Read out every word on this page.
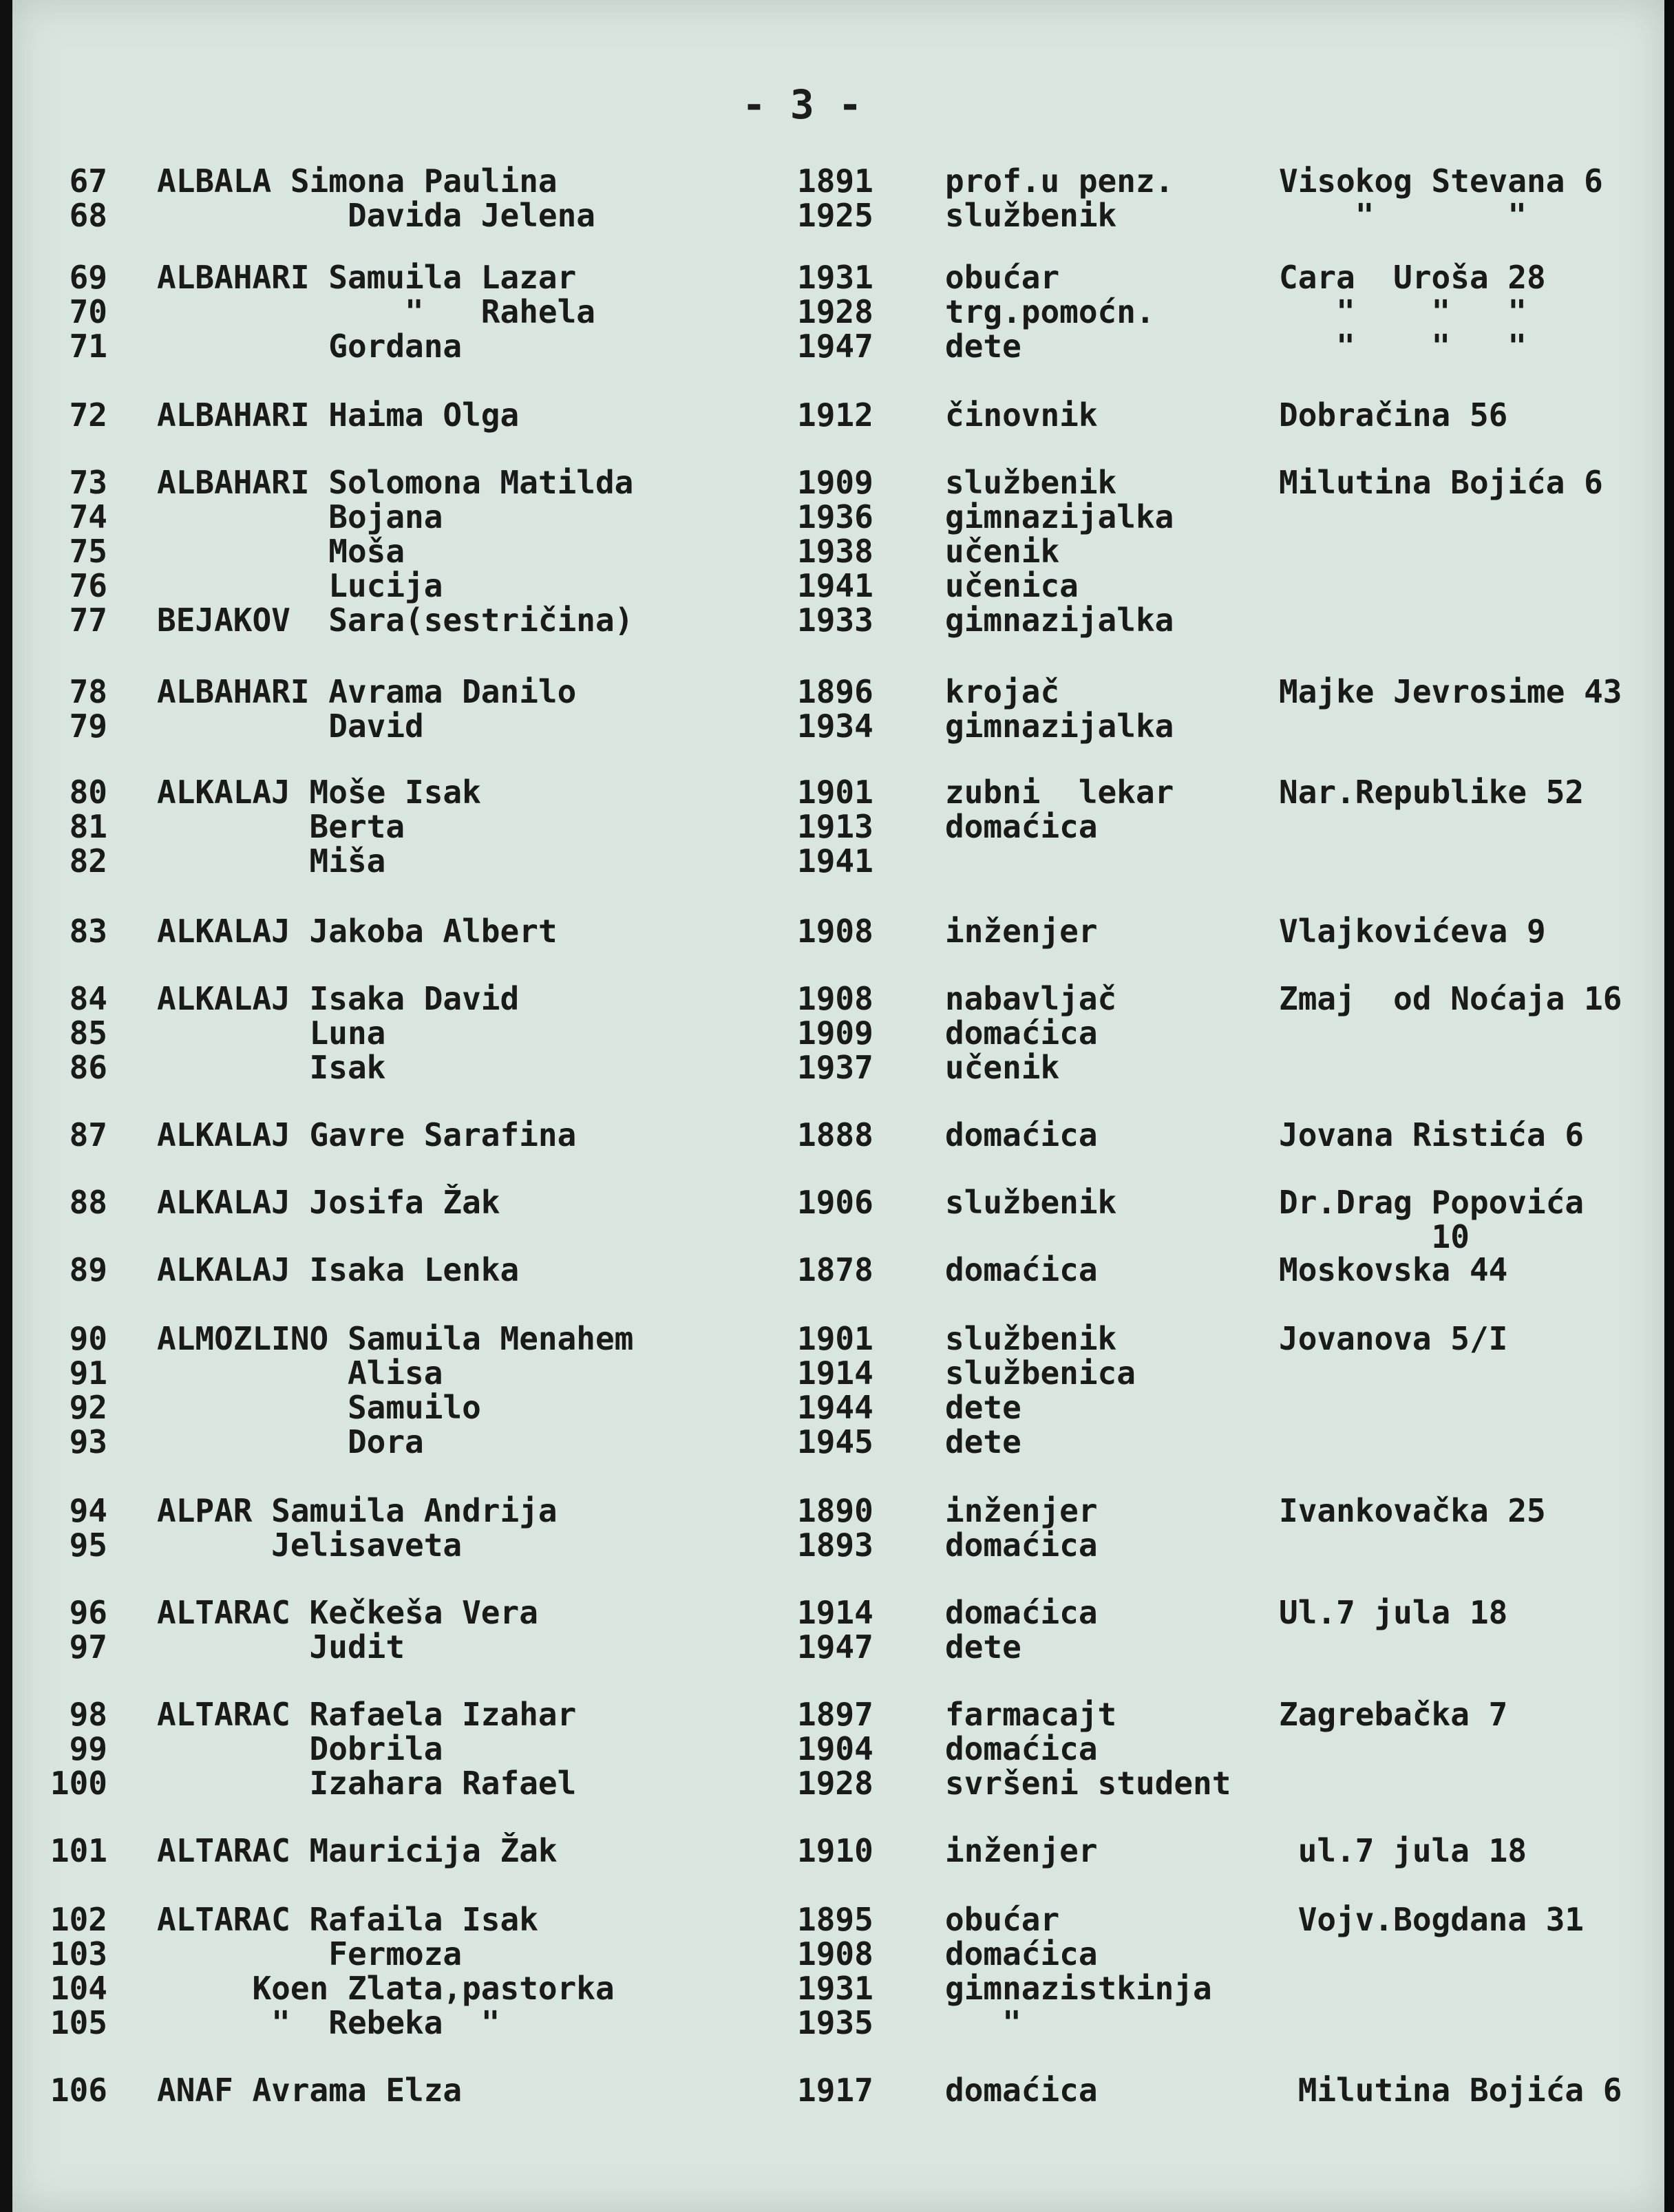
- 3 -
67 ALBALA Simona Paulina	1891 prof.u penz.	Visokog Stevana 6
68 Davida Jelena	1925 službenik	"       "
69 ALBAHARI Samuila Lazar	1931 obućar	Cara  Uroša 28
70 "   Rahela	1928 trg.pomoćn.	"    "   "
71 Gordana	1947 dete	"    "   "
72 ALBAHARI Haima Olga	1912 činovnik	Dobračina 56
73 ALBAHARI Solomona Matilda	1909 službenik	Milutina Bojića 6
74 Bojana	1936 gimnazijalka
75 Moša	1938 učenik
76 Lucija	1941 učenica
77 BEJAKOV  Sara(sestričina)	1933 gimnazijalka
78 ALBAHARI Avrama Danilo	1896 krojač	Majke Jevrosime 43
79 David	1934 gimnazijalka
80 ALKALAJ Moše Isak	1901 zubni  lekar	Nar.Republike 52
81 Berta	1913 domaćica
82 Miša	1941
83 ALKALAJ Jakoba Albert	1908 inženjer	Vlajkovićeva 9
84 ALKALAJ Isaka David	1908 nabavljač	Zmaj  od Noćaja 16
85 Luna	1909 domaćica
86 Isak	1937 učenik
87 ALKALAJ Gavre Sarafina	1888 domaćica	Jovana Ristića 6
88 ALKALAJ Josifa Žak	1906 službenik	Dr.Drag Popovića
10
89 ALKALAJ Isaka Lenka	1878 domaćica	Moskovska 44
90 ALMOZLINO Samuila Menahem	1901 službenik	Jovanova 5/I
91 Alisa	1914 službenica
92 Samuilo	1944 dete
93 Dora	1945 dete
94 ALPAR Samuila Andrija	1890 inženjer	Ivankovačka 25
95 Jelisaveta	1893 domaćica
96 ALTARAC Kečkeša Vera	1914 domaćica	Ul.7 jula 18
97 Judit	1947 dete
98 ALTARAC Rafaela Izahar	1897 farmacajt	Zagrebačka 7
99 Dobrila	1904 domaćica
100 Izahara Rafael	1928 svršeni student
101 ALTARAC Mauricija Žak	1910 inženjer	ul.7 jula 18
102 ALTARAC Rafaila Isak	1895 obućar	Vojv.Bogdana 31
103 Fermoza	1908 domaćica
104 Koen Zlata,pastorka	1931 gimnazistkinja
105 "  Rebeka  "	1935 "
106 ANAF Avrama Elza	1917 domaćica	Milutina Bojića 6
